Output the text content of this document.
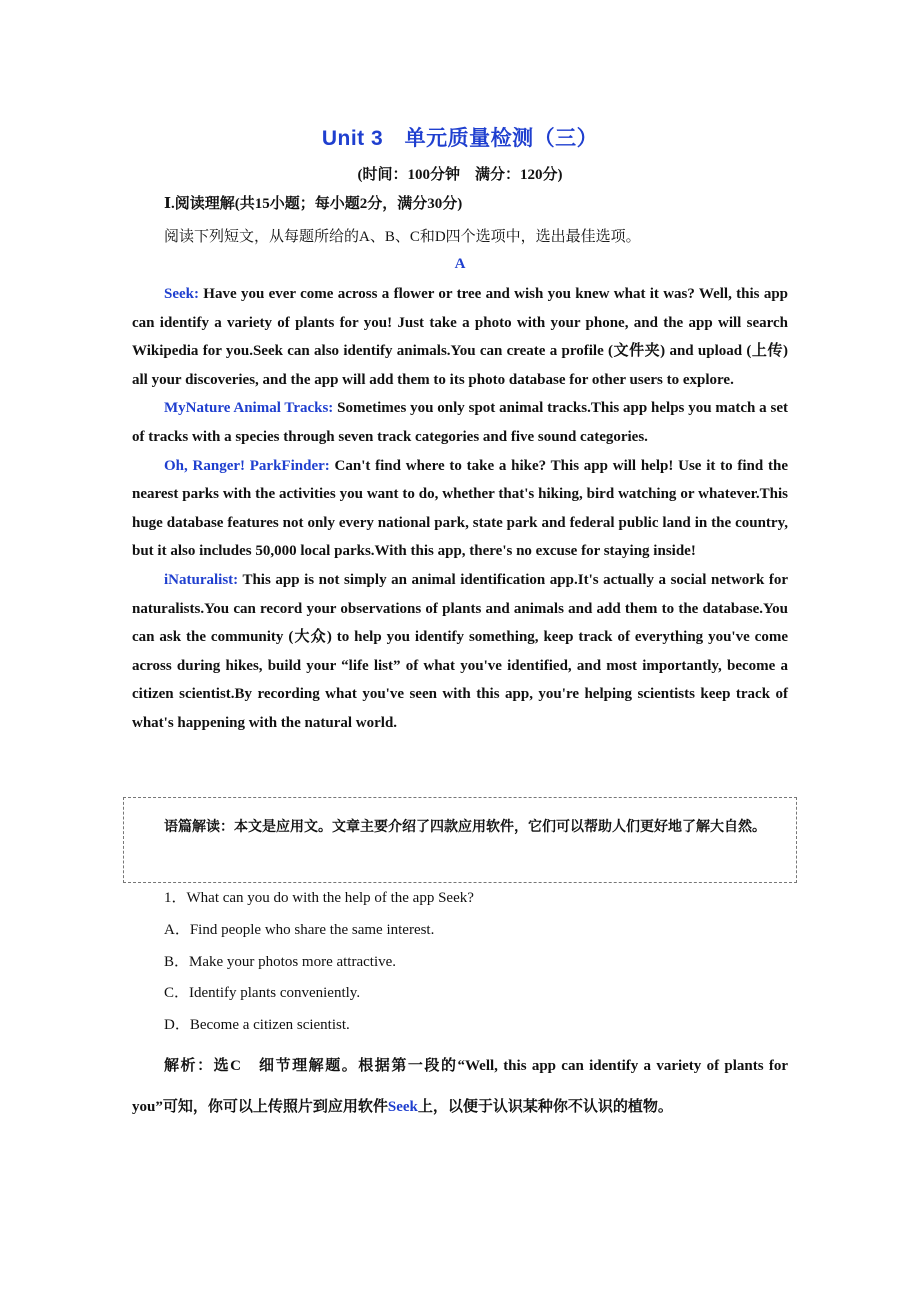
Unit 3　单元质量检测（三）
(时间：100分钟　满分：120分)
Ⅰ.阅读理解(共15小题；每小题2分，满分30分)
阅读下列短文，从每题所给的A、B、C和D四个选项中，选出最佳选项。
A

Seek: Have you ever come across a flower or tree and wish you knew what it was? Well, this app can identify a variety of plants for you! Just take a photo with your phone, and the app will search Wikipedia for you.Seek can also identify animals.You can create a profile (文件夹) and upload (上传) all your discoveries, and the app will add them to its photo database for other users to explore.

MyNature Animal Tracks: Sometimes you only spot animal tracks.This app helps you match a set of tracks with a species through seven track categories and five sound categories.

Oh, Ranger! ParkFinder: Can't find where to take a hike? This app will help! Use it to find the nearest parks with the activities you want to do, whether that's hiking, bird watching or whatever.This huge database features not only every national park, state park and federal public land in the country, but it also includes 50,000 local parks.With this app, there's no excuse for staying inside!

iNaturalist: This app is not simply an animal identification app.It's actually a social network for naturalists.You can record your observations of plants and animals and add them to the database.You can ask the community (大众) to help you identify something, keep track of everything you've come across during hikes, build your “life list” of what you've identified, and most importantly, become a citizen scientist.By recording what you've seen with this app, you're helping scientists keep track of what's happening with the natural world.

语篇解读：本文是应用文。文章主要介绍了四款应用软件，它们可以帮助人们更好地了解大自然。
1．What can you do with the help of the app Seek?
A．Find people who share the same interest.
B．Make your photos more attractive.
C．Identify plants conveniently.
D．Become a citizen scientist.
解析：选C　细节理解题。根据第一段的“Well, this app can identify a variety of plants for you”可知，你可以上传照片到应用软件Seek上，以便于认识某种你不认识的植物。
